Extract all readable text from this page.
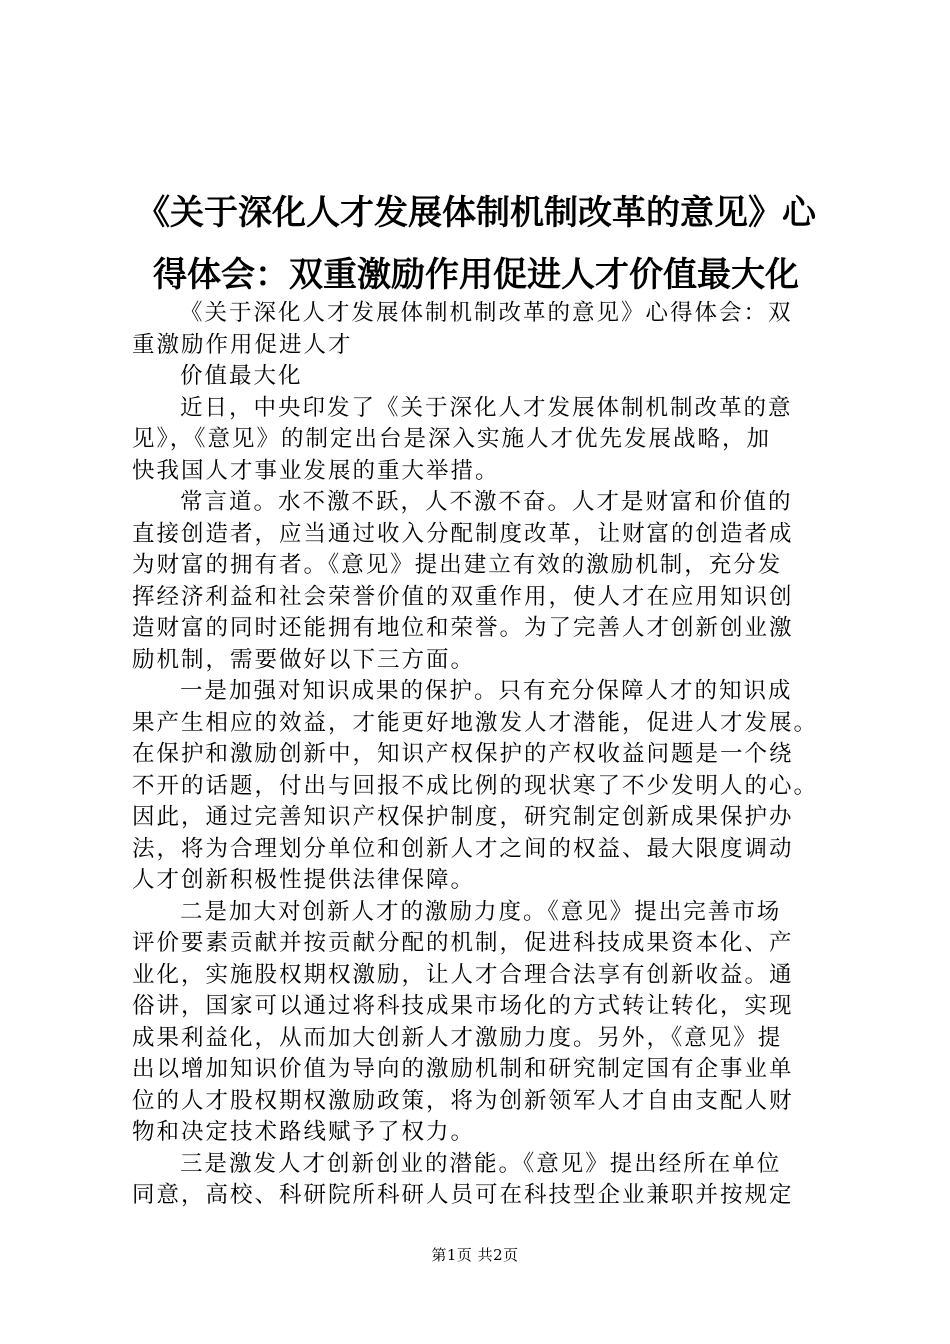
《关于深化人才发展体制机制改革的意见》心
得体会：双重激励作用促进人才价值最大化

《关于深化人才发展体制机制改革的意见》心得体会：双
重激励作用促进人才

价值最大化

近日，中央印发了《关于深化人才发展体制机制改革的意
见》，《意见》的制定出台是深入实施人才优先发展战略，加
快我国人才事业发展的重大举措。

常言道。水不激不跃，人不激不奋。人才是财富和价值的
直接创造者，应当通过收入分配制度改革，让财富的创造者成
为财富的拥有者。《意见》提出建立有效的激励机制，充分发
挥经济利益和社会荣誉价值的双重作用，使人才在应用知识创
造财富的同时还能拥有地位和荣誉。为了完善人才创新创业激
励机制，需要做好以下三方面。

一是加强对知识成果的保护。只有充分保障人才的知识成
果产生相应的效益，才能更好地激发人才潜能，促进人才发展。
在保护和激励创新中，知识产权保护的产权收益问题是一个绕
不开的话题，付出与回报不成比例的现状寒了不少发明人的心。
因此，通过完善知识产权保护制度，研究制定创新成果保护办
法，将为合理划分单位和创新人才之间的权益、最大限度调动
人才创新积极性提供法律保障。

二是加大对创新人才的激励力度。《意见》提出完善市场
评价要素贡献并按贡献分配的机制，促进科技成果资本化、产
业化，实施股权期权激励，让人才合理合法享有创新收益。通
俗讲，国家可以通过将科技成果市场化的方式转让转化，实现
成果利益化，从而加大创新人才激励力度。另外，《意见》提
出以增加知识价值为导向的激励机制和研究制定国有企事业单
位的人才股权期权激励政策，将为创新领军人才自由支配人财
物和决定技术路线赋予了权力。

三是激发人才创新创业的潜能。《意见》提出经所在单位
同意，高校、科研院所科研人员可在科技型企业兼职并按规定

第1页 共2页
